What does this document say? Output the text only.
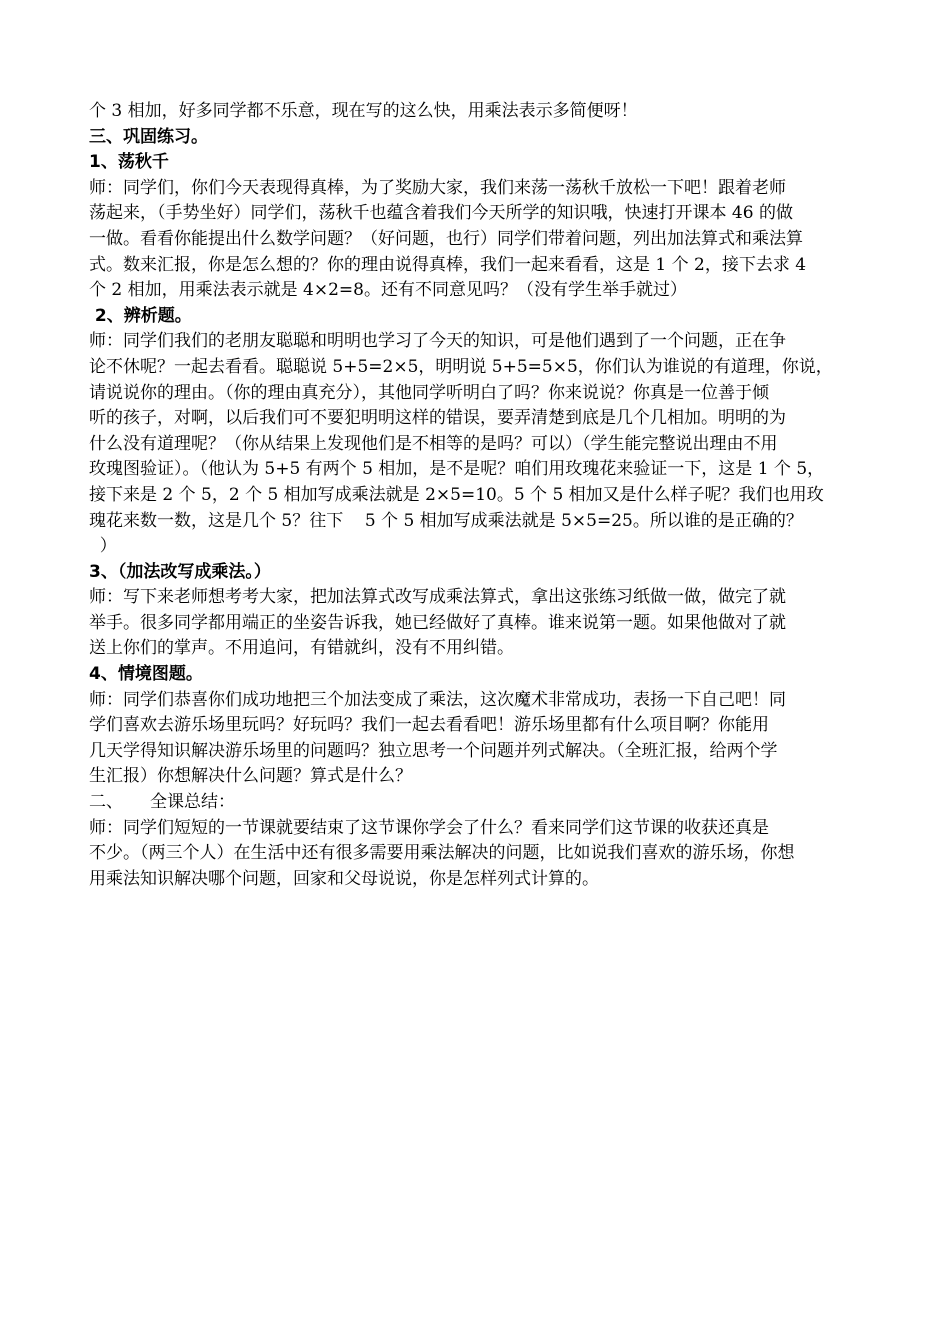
个 3 相加，好多同学都不乐意，现在写的这么快，用乘法表示多简便呀！
三、巩固练习。
1、荡秋千
师：同学们，你们今天表现得真棒，为了奖励大家，我们来荡一荡秋千放松一下吧！跟着老师
荡起来，（手势坐好）同学们，荡秋千也蕴含着我们今天所学的知识哦，快速打开课本 46 的做
一做。看看你能提出什么数学问题？（好问题，也行）同学们带着问题，列出加法算式和乘法算
式。数来汇报，你是怎么想的？你的理由说得真棒，我们一起来看看，这是 1 个 2，接下去求 4
个 2 相加，用乘法表示就是 4×2=8。还有不同意见吗？（没有学生举手就过）
2、辨析题。
师：同学们我们的老朋友聪聪和明明也学习了今天的知识，可是他们遇到了一个问题，正在争
论不休呢？一起去看看。聪聪说 5+5=2×5，明明说 5+5=5×5，你们认为谁说的有道理，你说，
请说说你的理由。（你的理由真充分），其他同学听明白了吗？你来说说？你真是一位善于倾
听的孩子，对啊，以后我们可不要犯明明这样的错误，要弄清楚到底是几个几相加。明明的为
什么没有道理呢？（你从结果上发现他们是不相等的是吗？可以）（学生能完整说出理由不用
玫瑰图验证）。（他认为 5+5 有两个 5 相加，是不是呢？咱们用玫瑰花来验证一下，这是 1 个 5，
接下来是 2 个 5，2 个 5 相加写成乘法就是 2×5=10。5 个 5 相加又是什么样子呢？我们也用玫
瑰花来数一数，这是几个 5？往下    5 个 5 相加写成乘法就是 5×5=25。所以谁的是正确的？
）
3、（加法改写成乘法。）
师：写下来老师想考考大家，把加法算式改写成乘法算式，拿出这张练习纸做一做，做完了就
举手。很多同学都用端正的坐姿告诉我，她已经做好了真棒。谁来说第一题。如果他做对了就
送上你们的掌声。不用追问，有错就纠，没有不用纠错。
4、情境图题。
师：同学们恭喜你们成功地把三个加法变成了乘法，这次魔术非常成功，表扬一下自己吧！同
学们喜欢去游乐场里玩吗？好玩吗？我们一起去看看吧！游乐场里都有什么项目啊？你能用
几天学得知识解决游乐场里的问题吗？独立思考一个问题并列式解决。（全班汇报，给两个学
生汇报）你想解决什么问题？算式是什么？
二、     全课总结：
师：同学们短短的一节课就要结束了这节课你学会了什么？看来同学们这节课的收获还真是
不少。（两三个人）在生活中还有很多需要用乘法解决的问题，比如说我们喜欢的游乐场，你想
用乘法知识解决哪个问题，回家和父母说说，你是怎样列式计算的。
